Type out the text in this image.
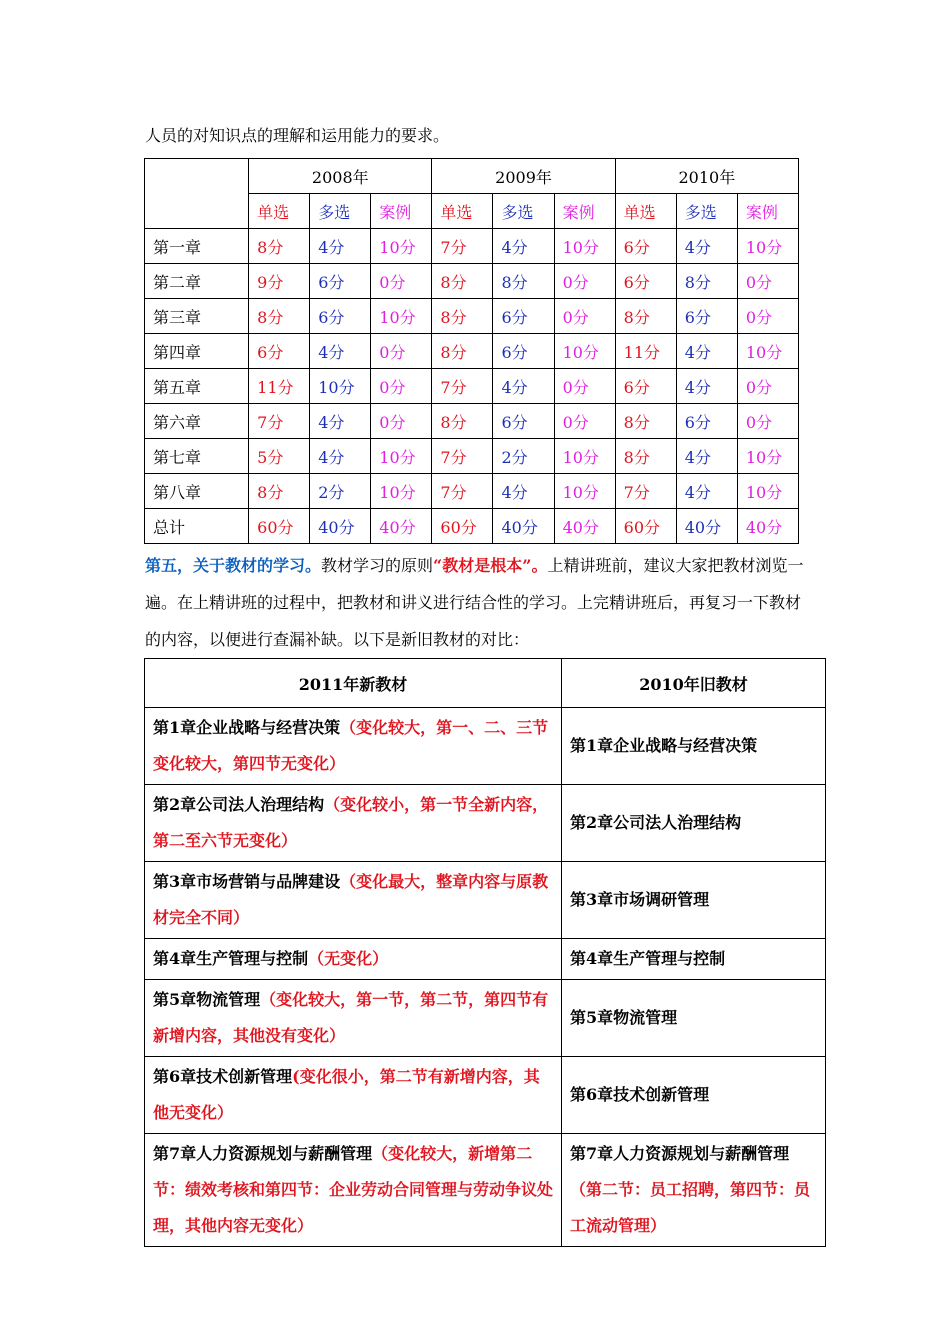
人员的对知识点的理解和运用能力的要求。
	2008年			2009年			2010年		
	单选	多选	案例	单选	多选	案例	单选	多选	案例
第一章	8分	4分	10分	7分	4分	10分	6分	4分	10分
第二章	9分	6分	0分	8分	8分	0分	6分	8分	0分
第三章	8分	6分	10分	8分	6分	0分	8分	6分	0分
第四章	6分	4分	0分	8分	6分	10分	11分	4分	10分
第五章	11分	10分	0分	7分	4分	0分	6分	4分	0分
第六章	7分	4分	0分	8分	6分	0分	8分	6分	0分
第七章	5分	4分	10分	7分	2分	10分	8分	4分	10分
第八章	8分	2分	10分	7分	4分	10分	7分	4分	10分
总计	60分	40分	40分	60分	40分	40分	60分	40分	40分
第五，关于教材的学习。教材学习的原则“教材是根本”。上精讲班前，建议大家把教材浏览一遍。在上精讲班的过程中，把教材和讲义进行结合性的学习。上完精讲班后，再复习一下教材的内容，以便进行查漏补缺。以下是新旧教材的对比：
2011年新教材	2010年旧教材
第1章企业战略与经营决策（变化较大，第一、二、三节变化较大，第四节无变化）	第1章企业战略与经营决策
第2章公司法人治理结构（变化较小，第一节全新内容，第二至六节无变化）	第2章公司法人治理结构
第3章市场营销与品牌建设（变化最大，整章内容与原教材完全不同）	第3章市场调研管理
第4章生产管理与控制（无变化）	第4章生产管理与控制
第5章物流管理（变化较大，第一节，第二节，第四节有新增内容，其他没有变化）	第5章物流管理
第6章技术创新管理(变化很小，第二节有新增内容，其他无变化）	第6章技术创新管理
第7章人力资源规划与薪酬管理（变化较大，新增第二节：绩效考核和第四节：企业劳动合同管理与劳动争议处理，其他内容无变化）	第7章人力资源规划与薪酬管理（第二节：员工招聘，第四节：员工流动管理）
